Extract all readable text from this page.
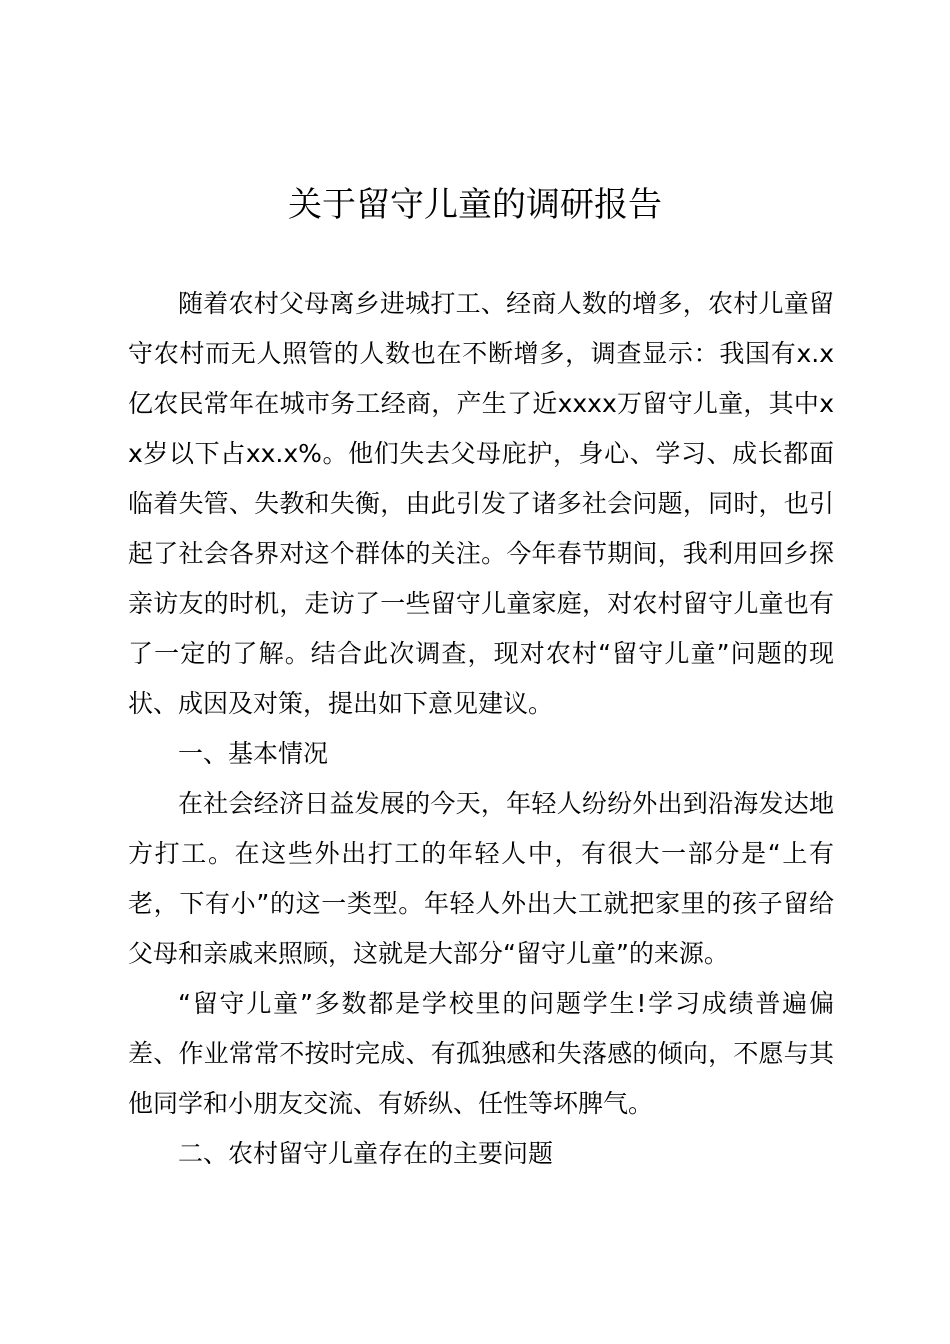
关于留守儿童的调研报告

随着农村父母离乡进城打工、经商人数的增多，农村儿童留守农村而无人照管的人数也在不断增多，调查显示：我国有x.x亿农民常年在城市务工经商，产生了近xxxx万留守儿童，其中xx岁以下占xx.x%。他们失去父母庇护，身心、学习、成长都面临着失管、失教和失衡，由此引发了诸多社会问题，同时，也引起了社会各界对这个群体的关注。今年春节期间，我利用回乡探亲访友的时机，走访了一些留守儿童家庭，对农村留守儿童也有了一定的了解。结合此次调查，现对农村“留守儿童”问题的现状、成因及对策，提出如下意见建议。

一、基本情况

在社会经济日益发展的今天，年轻人纷纷外出到沿海发达地方打工。在这些外出打工的年轻人中，有很大一部分是“上有老，下有小”的这一类型。年轻人外出大工就把家里的孩子留给父母和亲戚来照顾，这就是大部分“留守儿童”的来源。

“留守儿童”多数都是学校里的问题学生!学习成绩普遍偏差、作业常常不按时完成、有孤独感和失落感的倾向，不愿与其他同学和小朋友交流、有娇纵、任性等坏脾气。

二、农村留守儿童存在的主要问题
